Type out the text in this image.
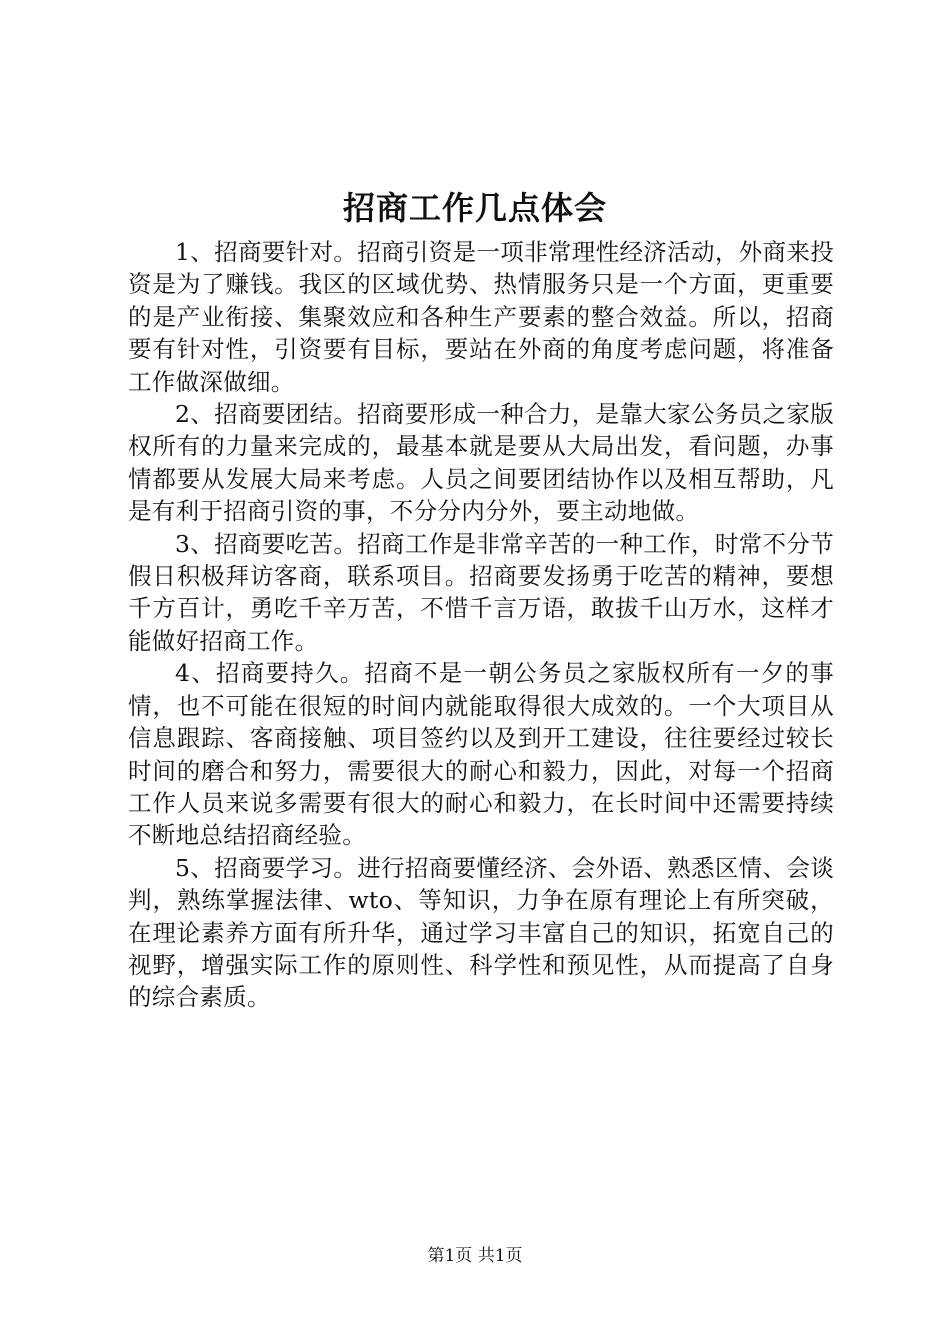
招商工作几点体会

1、招商要针对。招商引资是一项非常理性经济活动，外商来投资是为了赚钱。我区的区域优势、热情服务只是一个方面，更重要的是产业衔接、集聚效应和各种生产要素的整合效益。所以，招商要有针对性，引资要有目标，要站在外商的角度考虑问题，将准备工作做深做细。

2、招商要团结。招商要形成一种合力，是靠大家公务员之家版权所有的力量来完成的，最基本就是要从大局出发，看问题，办事情都要从发展大局来考虑。人员之间要团结协作以及相互帮助，凡是有利于招商引资的事，不分分内分外，要主动地做。

3、招商要吃苦。招商工作是非常辛苦的一种工作，时常不分节假日积极拜访客商，联系项目。招商要发扬勇于吃苦的精神，要想千方百计，勇吃千辛万苦，不惜千言万语，敢拔千山万水，这样才能做好招商工作。

4、招商要持久。招商不是一朝公务员之家版权所有一夕的事情，也不可能在很短的时间内就能取得很大成效的。一个大项目从信息跟踪、客商接触、项目签约以及到开工建设，往往要经过较长时间的磨合和努力，需要很大的耐心和毅力，因此，对每一个招商工作人员来说多需要有很大的耐心和毅力，在长时间中还需要持续不断地总结招商经验。

5、招商要学习。进行招商要懂经济、会外语、熟悉区情、会谈判，熟练掌握法律、wto、等知识，力争在原有理论上有所突破，在理论素养方面有所升华，通过学习丰富自己的知识，拓宽自己的视野，增强实际工作的原则性、科学性和预见性，从而提高了自身的综合素质。

第1页 共1页
